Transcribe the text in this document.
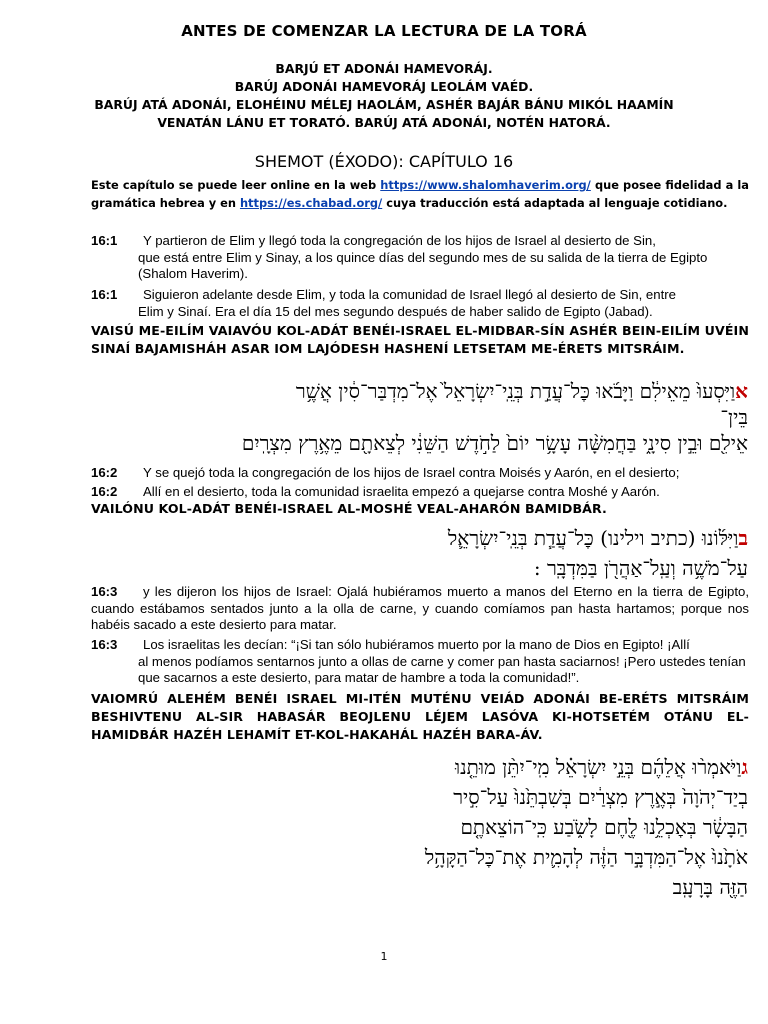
ANTES DE COMENZAR LA LECTURA DE LA TORÁ
BARJÚ ET ADONÁI HAMEVORÁJ.
BARÚJ ADONÁI HAMEVORÁJ LEOLÁM VAÉD.
BARÚJ ATÁ ADONÁI, ELOHÉINU MÉLEJ HAOLÁM, ASHÉR BAJÁR BÁNU MIKÓL HAAMÍN
VENATÁN LÁNU ET TORATÓ. BARÚJ ATÁ ADONÁI, NOTÉN HATORÁ.
SHEMOT (ÉXODO): CAPÍTULO 16
Este capítulo se puede leer online en la web https://www.shalomhaverim.org/ que posee fidelidad a la gramática hebrea y en https://es.chabad.org/ cuya traducción está adaptada al lenguaje cotidiano.
16:1 Y partieron de Elim y llegó toda la congregación de los hijos de Israel al desierto de Sin,
que está entre Elim y Sinay, a los quince días del segundo mes de su salida de la tierra de Egipto (Shalom Haverim).
16:1 Siguieron adelante desde Elim, y toda la comunidad de Israel llegó al desierto de Sin, entre
Elim y Sinaí. Era el día 15 del mes segundo después de haber salido de Egipto (Jabad).
VAISÚ ME-EILÍM VAIAVÓU KOL-ADÁT BENÉI-ISRAEL EL-MIDBAR-SÍN ASHÉR BEIN-EILÍM UVÉIN SINAÍ BAJAMISHÁH ASAR IOM LAJÓDESH HASHENÍ LETSETAM ME-ÉRETS MITSRÁIM.
אוַיִּסְעוּ֙ מֵאֵילִ֔ם וַיָּבֹ֜אוּ כׇּל־עֲדַ֣ת בְּנֵֽי־יִשְׂרָאֵל֙ אֶל־מִדְבַּר־סִ֔ין אֲשֶׁ֥ר
בֵּין־
אֵילִ֖ם וּבֵ֣ין סִינָ֑י בַּחֲמִשָּׁ֨ה עָשָׂ֥ר יוֹם֙ לַחֹ֣דֶשׁ הַשֵּׁנִ֔י לְצֵאתָ֖ם מֵאֶ֥רֶץ מִצְרָֽיִם
16:2 Y se quejó toda la congregación de los hijos de Israel contra Moisés y Aarón, en el desierto;
16:2 Allí en el desierto, toda la comunidad israelita empezó a quejarse contra Moshé y Aarón.
VAILÓNU KOL-ADÁT BENÉI-ISRAEL AL-MOSHÉ VEAL-AHARÓN BAMIDBÁR.
בוַיִּלּ֜וֹנוּ (כתיב וילינו) כׇּל־עֲדַ֧ת בְּנֵֽי־יִשְׂרָאֵ֛ל
עַל־מֹשֶׁ֥ה וְעַֽל־אַהֲרֹ֖ן בַּמִּדְבָּֽר :
16:3 y les dijeron los hijos de Israel: Ojalá hubiéramos muerto a manos del Eterno en la tierra de Egipto, cuando estábamos sentados junto a la olla de carne, y cuando comíamos pan hasta hartamos; porque nos habéis sacado a este desierto para matar.
16:3 Los israelitas les decían: “¡Si tan sólo hubiéramos muerto por la mano de Dios en Egipto! ¡Allí
al menos podíamos sentarnos junto a ollas de carne y comer pan hasta saciarnos! ¡Pero ustedes tenían que sacarnos a este desierto, para matar de hambre a toda la comunidad!”.
VAIOMRÚ ALEHÉM BENÉI ISRAEL MI-ITÉN MUTÉNU VEIÁD ADONÁI BE-ERÉTS MITSRÁIM BESHIVTENU AL-SIR HABASÁR BEOJLENU LÉJEM LASÓVA KI-HOTSETÉM OTÁNU EL-HAMIDBÁR HAZÉH LEHAMÍT ET-KOL-HAKAHÁL HAZÉH BARA-ÁV.
גוַיֹּאמְר֨וּ אֲלֵהֶ֜ם בְּנֵ֣י יִשְׂרָאֵ֗ל מִֽי־יִתֵּ֨ן מוּתֵ֤נוּ
בְיַד־יְהֹוָה֙ בְּאֶ֣רֶץ מִצְרַ֔יִם בְּשִׁבְתֵּ֙נוּ֙ עַל־סִ֣יר
הַבָּשָׂ֔ר בְּאׇכְלֵ֥נוּ לֶ֖חֶם לָשֹׂ֑בַע כִּֽי־הוֹצֵאתֶ֤ם
אֹתָ֙נוּ֙ אֶל־הַמִּדְבָּ֣ר הַזֶּ֔ה לְהָמִ֛ית אֶת־כׇּל־הַקָּהָ֥ל
הַזֶּ֖ה בָּרָעָֽב
1
